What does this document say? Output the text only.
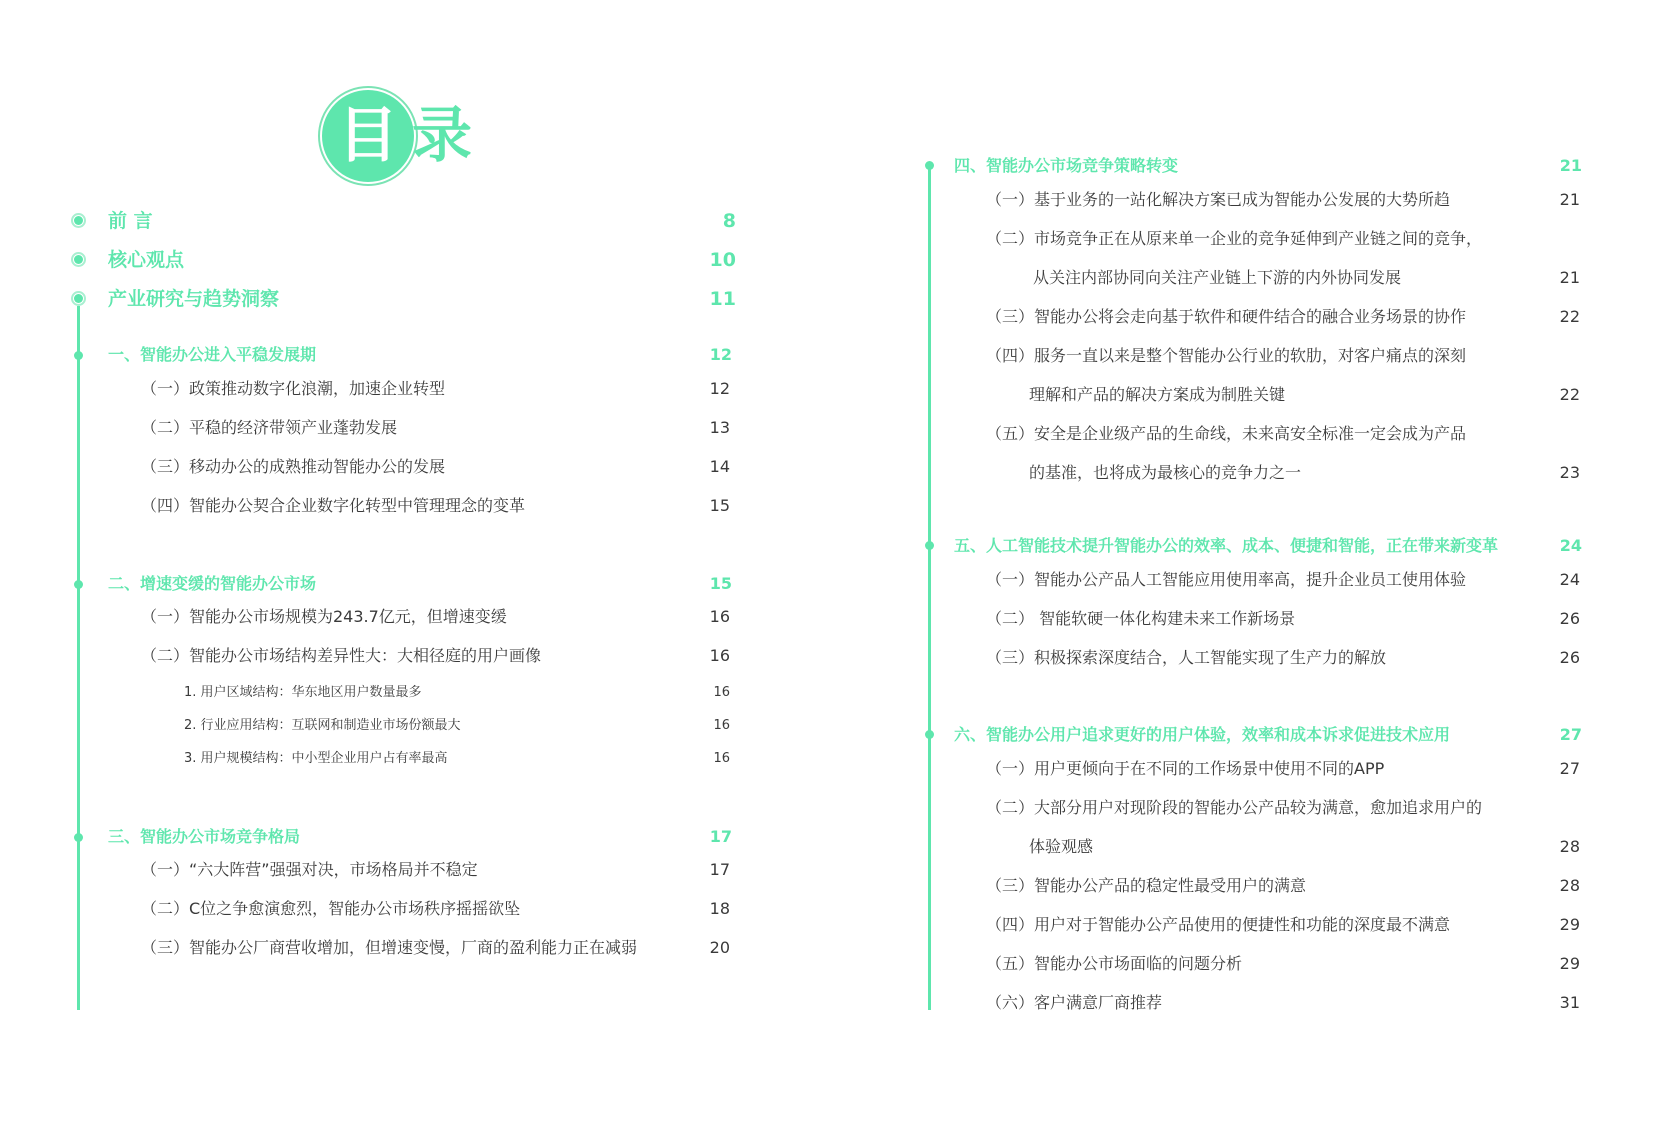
目 录
前 言	8
核心观点	10
产业研究与趋势洞察	11
一、智能办公进入平稳发展期	12
（一）政策推动数字化浪潮，加速企业转型	12
（二）平稳的经济带领产业蓬勃发展	13
（三）移动办公的成熟推动智能办公的发展	14
（四）智能办公契合企业数字化转型中管理理念的变革	15
二、增速变缓的智能办公市场	15
（一）智能办公市场规模为243.7亿元，但增速变缓	16
（二）智能办公市场结构差异性大：大相径庭的用户画像	16
1. 用户区域结构：华东地区用户数量最多	16
2. 行业应用结构：互联网和制造业市场份额最大	16
3. 用户规模结构：中小型企业用户占有率最高	16
三、智能办公市场竞争格局	17
（一）“六大阵营”强强对决，市场格局并不稳定	17
（二）C位之争愈演愈烈，智能办公市场秩序摇摇欲坠	18
（三）智能办公厂商营收增加，但增速变慢，厂商的盈利能力正在减弱	20
四、智能办公市场竞争策略转变	21
（一）基于业务的一站化解决方案已成为智能办公发展的大势所趋	21
（二）市场竞争正在从原来单一企业的竞争延伸到产业链之间的竞争，
从关注内部协同向关注产业链上下游的内外协同发展	21
（三）智能办公将会走向基于软件和硬件结合的融合业务场景的协作	22
（四）服务一直以来是整个智能办公行业的软肋，对客户痛点的深刻
理解和产品的解决方案成为制胜关键	22
（五）安全是企业级产品的生命线，未来高安全标准一定会成为产品
的基准，也将成为最核心的竞争力之一	23
五、人工智能技术提升智能办公的效率、成本、便捷和智能，正在带来新变革	24
（一）智能办公产品人工智能应用使用率高，提升企业员工使用体验	24
（二） 智能软硬一体化构建未来工作新场景	26
（三）积极探索深度结合，人工智能实现了生产力的解放	26
六、智能办公用户追求更好的用户体验，效率和成本诉求促进技术应用	27
（一）用户更倾向于在不同的工作场景中使用不同的APP	27
（二）大部分用户对现阶段的智能办公产品较为满意，愈加追求用户的
体验观感	28
（三）智能办公产品的稳定性最受用户的满意	28
（四）用户对于智能办公产品使用的便捷性和功能的深度最不满意	29
（五）智能办公市场面临的问题分析	29
（六）客户满意厂商推荐	31
